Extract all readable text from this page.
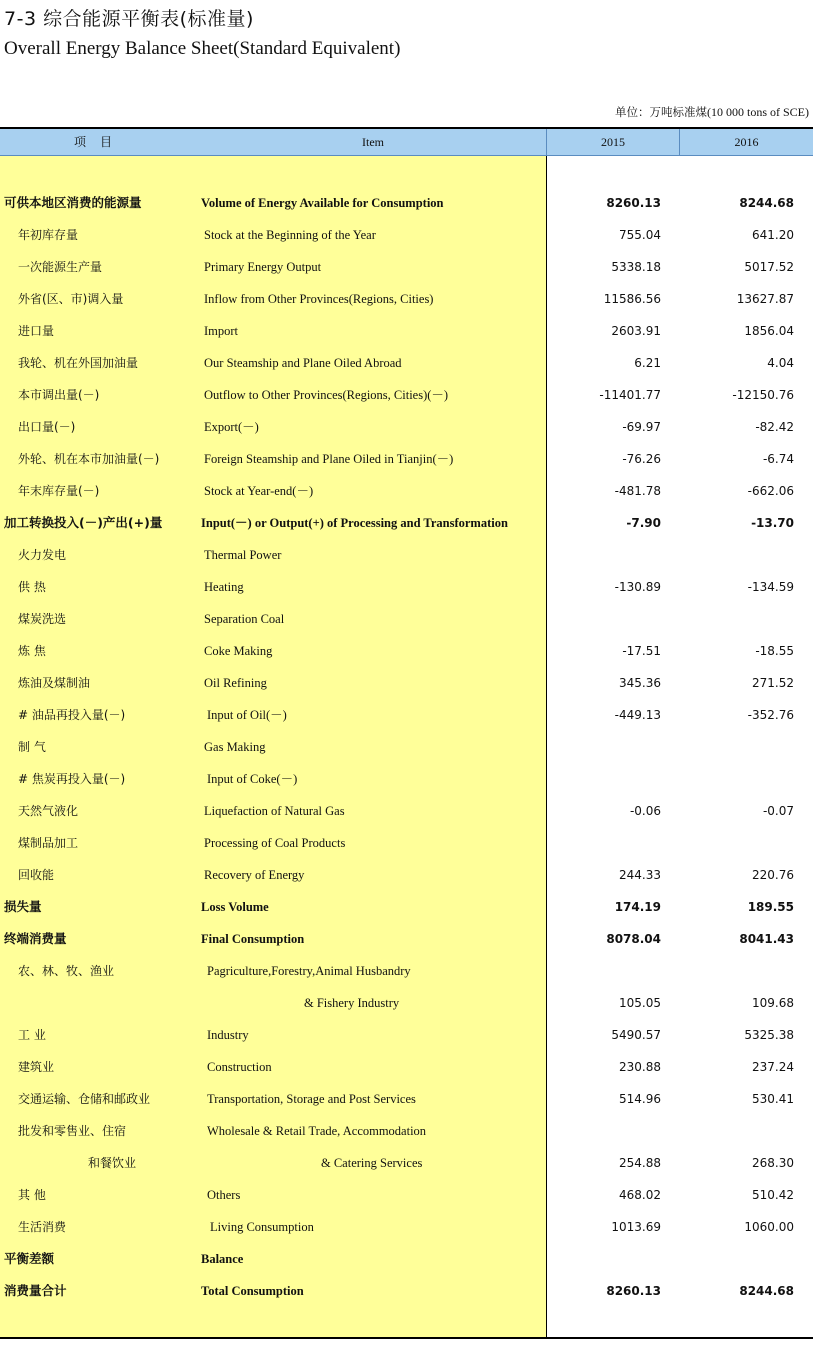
7-3 综合能源平衡表(标准量)
Overall Energy Balance Sheet(Standard Equivalent)
单位：万吨标准煤(10 000 tons of SCE)
项目	Item	2015	2016
可供本地区消费的能源量	Volume of Energy Available for Consumption	8260.13	8244.68
年初库存量	Stock at the Beginning of the Year	755.04	641.20
一次能源生产量	Primary Energy Output	5338.18	5017.52
外省(区、市)调入量	Inflow from Other Provinces(Regions, Cities)	11586.56	13627.87
进口量	Import	2603.91	1856.04
我轮、机在外国加油量	Our Steamship and Plane Oiled Abroad	6.21	4.04
本市调出量(－)	Outflow to Other Provinces(Regions, Cities)(－)	-11401.77	-12150.76
出口量(－)	Export(－)	-69.97	-82.42
外轮、机在本市加油量(－)	Foreign Steamship and Plane Oiled in Tianjin(－)	-76.26	-6.74
年末库存量(－)	Stock at Year-end(－)	-481.78	-662.06
加工转换投入(－)产出(+)量	Input(－) or Output(+) of Processing and Transformation	-7.90	-13.70
火力发电	Thermal Power
供 热	Heating	-130.89	-134.59
煤炭洗选	Separation Coal
炼 焦	Coke Making	-17.51	-18.55
炼油及煤制油	Oil Refining	345.36	271.52
# 油品再投入量(－)	Input of Oil(－)	-449.13	-352.76
制 气	Gas Making
# 焦炭再投入量(－)	Input of Coke(－)
天然气液化	Liquefaction of Natural Gas	-0.06	-0.07
煤制品加工	Processing of Coal Products
回收能	Recovery of Energy	244.33	220.76
损失量	Loss Volume	174.19	189.55
终端消费量	Final Consumption	8078.04	8041.43
农、林、牧、渔业	Pagriculture,Forestry,Animal Husbandry
& Fishery Industry	105.05	109.68
工 业	Industry	5490.57	5325.38
建筑业	Construction	230.88	237.24
交通运输、仓储和邮政业	Transportation, Storage and Post Services	514.96	530.41
批发和零售业、住宿	Wholesale & Retail Trade, Accommodation
和餐饮业	& Catering Services	254.88	268.30
其 他	Others	468.02	510.42
生活消费	Living Consumption	1013.69	1060.00
平衡差额	Balance
消费量合计	Total Consumption	8260.13	8244.68
